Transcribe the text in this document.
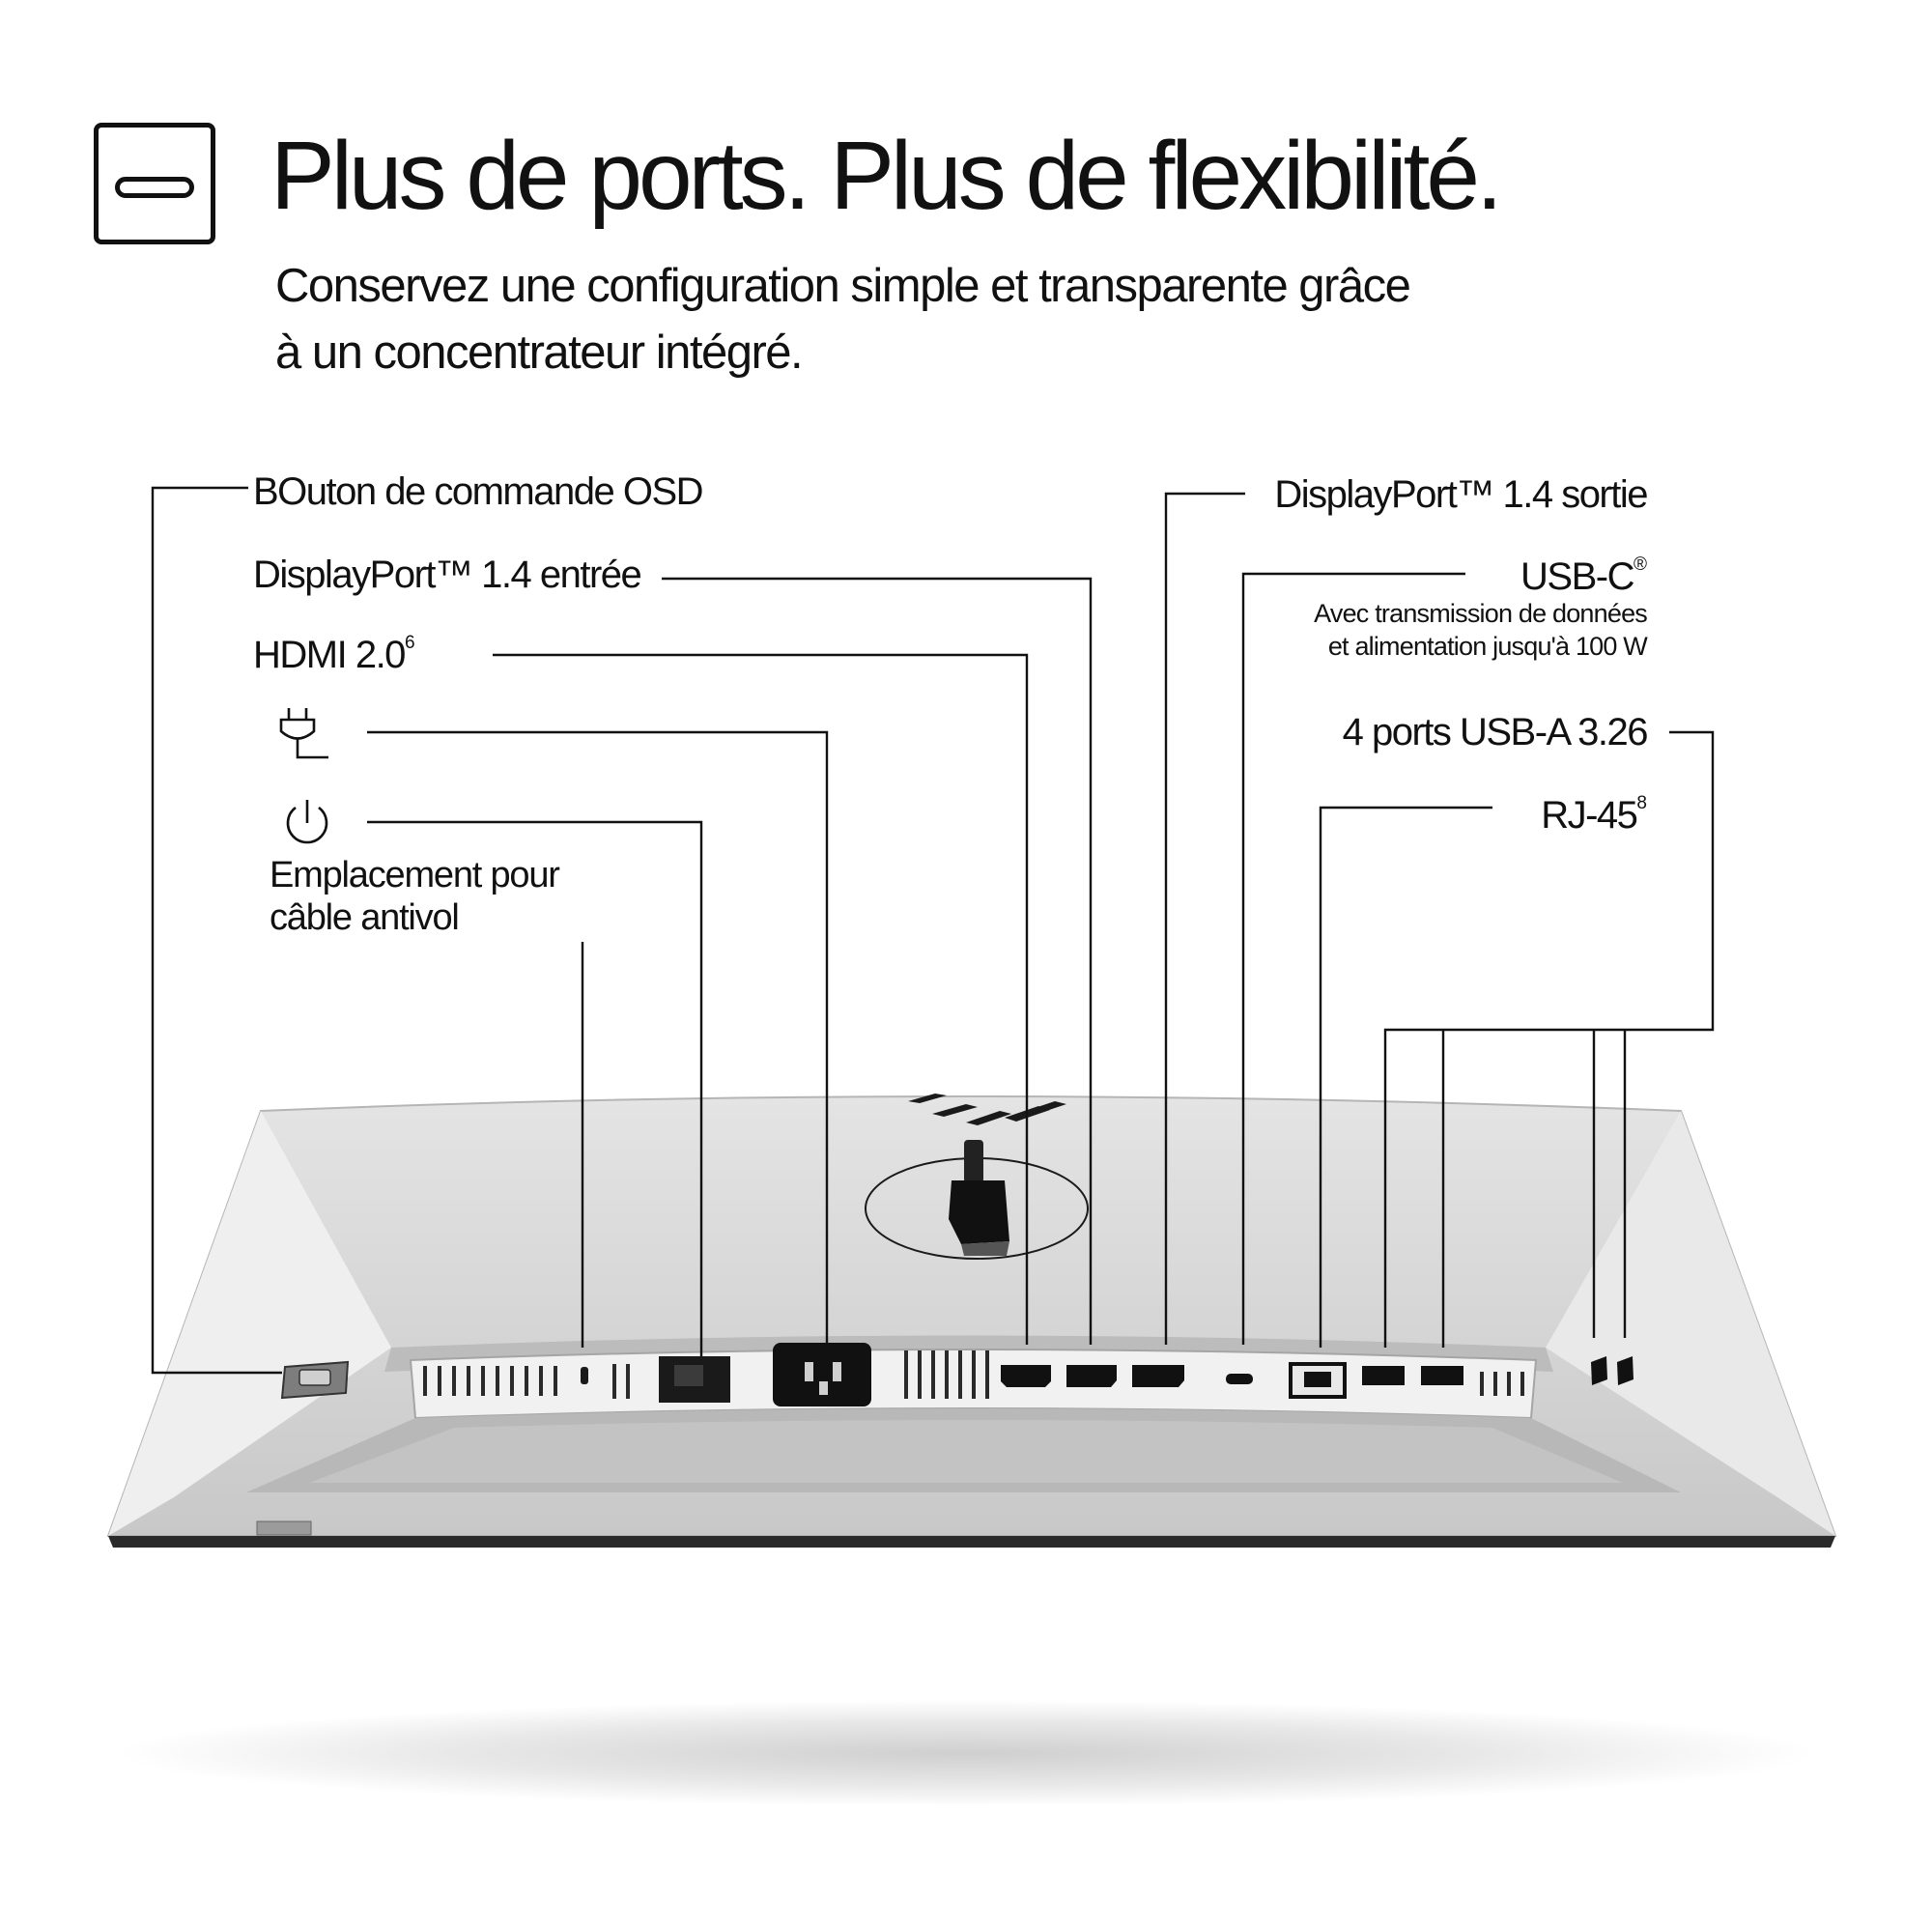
Plus de ports. Plus de flexibilité.

Conservez une configuration simple et transparente grâce
à un concentrateur intégré.

BOuton de commande OSD
DisplayPort™ 1.4 entrée
HDMI $2.0^6$
Emplacement pour
câble antivol
DisplayPort™ 1.4 sortie
USB-C®
Avec transmission de données
et alimentation jusqu'à 100 W
4 ports USB-A 3.26
$RJ-45^8$
